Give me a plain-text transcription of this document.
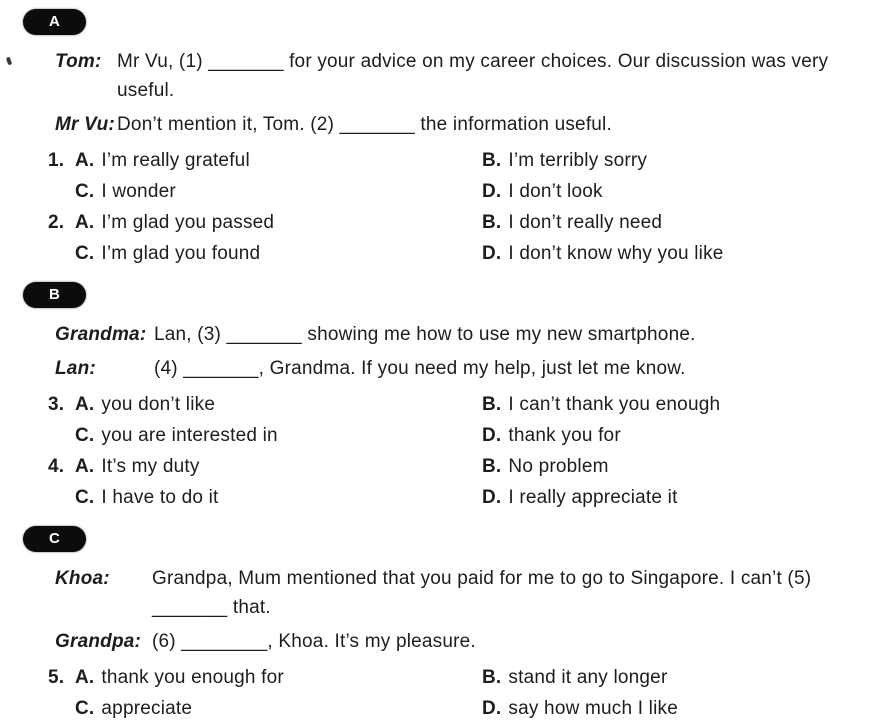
A
Tom: Mr Vu, (1) _______ for your advice on my career choices. Our discussion was very useful.
Mr Vu: Don’t mention it, Tom. (2) _______ the information useful.
1. A. I’m really grateful	B. I’m terribly sorry
C. I wonder	D. I don’t look
2. A. I’m glad you passed	B. I don’t really need
C. I’m glad you found	D. I don’t know why you like
B
Grandma: Lan, (3) _______ showing me how to use my new smartphone.
Lan:	(4) _______, Grandma. If you need my help, just let me know.
3. A. you don’t like	B. I can’t thank you enough
C. you are interested in	D. thank you for
4. A. It’s my duty	B. No problem
C. I have to do it	D. I really appreciate it
C
Khoa:	Grandpa, Mum mentioned that you paid for me to go to Singapore. I can’t (5) _______ that.
Grandpa: (6) ________, Khoa. It’s my pleasure.
5. A. thank you enough for	B. stand it any longer
C. appreciate	D. say how much I like
